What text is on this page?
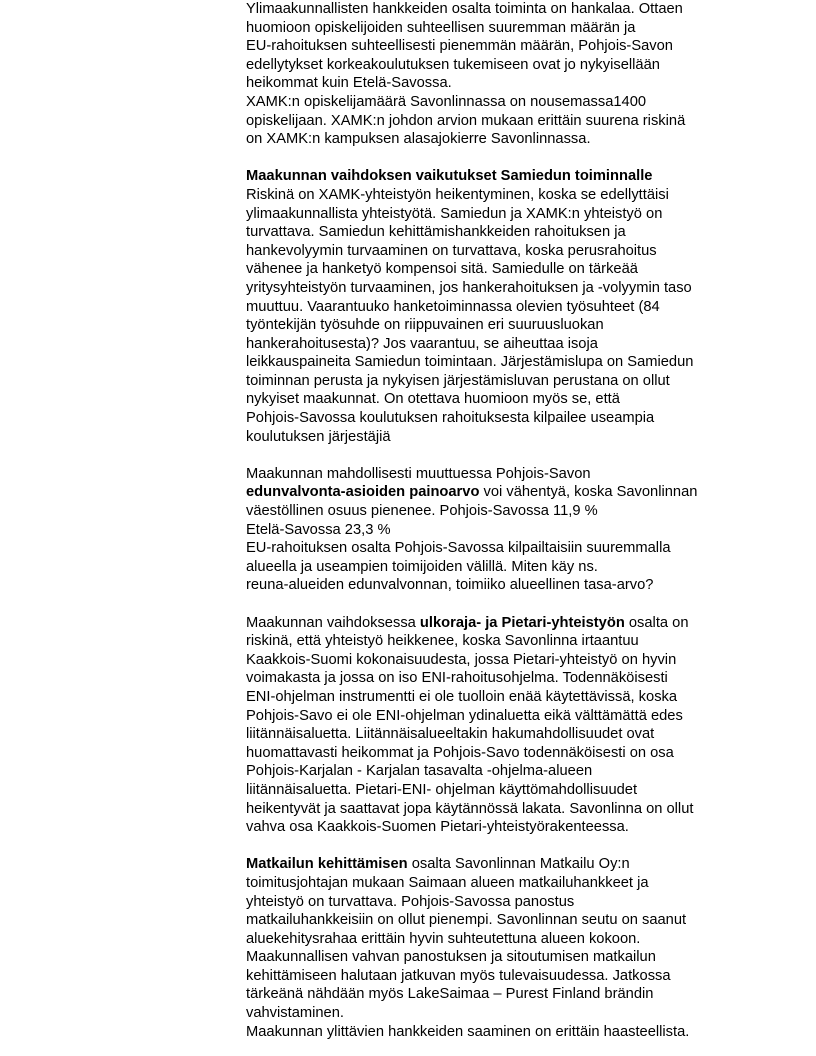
Ylimaakunnallisten hankkeiden osalta toiminta on hankalaa. Ottaen
huomioon opiskelijoiden suhteellisen suuremman määrän ja
EU-rahoituksen suhteellisesti pienemmän määrän, Pohjois-Savon
edellytykset korkeakoulutuksen tukemiseen ovat jo nykyisellään
heikommat kuin Etelä-Savossa.
XAMK:n opiskelijamäärä Savonlinnassa on nousemassa1400
opiskelijaan. XAMK:n johdon arvion mukaan erittäin suurena riskinä
on XAMK:n kampuksen alasajokierre Savonlinnassa.
Maakunnan vaihdoksen vaikutukset Samiedun toiminnalle
Riskinä on XAMK-yhteistyön heikentyminen, koska se edellyttäisi
ylimaakunnallista yhteistyötä. Samiedun ja XAMK:n yhteistyö on
turvattava. Samiedun kehittämishankkeiden rahoituksen ja
hankevolyymin turvaaminen on turvattava, koska perusrahoitus
vähenee ja hanketyö kompensoi sitä. Samiedulle on tärkeää
yritysyhteistyön turvaaminen, jos hankerahoituksen ja -volyymin taso
muuttuu. Vaarantuuko hanketoiminnassa olevien työsuhteet (84
työntekijän työsuhde on riippuvainen eri suuruusluokan
hankerahoitusesta)? Jos vaarantuu, se aiheuttaa isoja
leikkauspaineita Samiedun toimintaan. Järjestämislupa on Samiedun
toiminnan perusta ja nykyisen järjestämisluvan perustana on ollut
nykyiset maakunnat. On otettava huomioon myös se, että
Pohjois-Savossa koulutuksen rahoituksesta kilpailee useampia
koulutuksen järjestäjiä
Maakunnan mahdollisesti muuttuessa Pohjois-Savon
edunvalvonta-asioiden painoarvo voi vähentyä, koska Savonlinnan
väestöllinen osuus pienenee. Pohjois-Savossa 11,9 %
Etelä-Savossa 23,3 %
EU-rahoituksen osalta Pohjois-Savossa kilpailtaisiin suuremmalla
alueella ja useampien toimijoiden välillä. Miten käy ns.
reuna-alueiden edunvalvonnan, toimiiko alueellinen tasa-arvo?
Maakunnan vaihdoksessa ulkoraja- ja Pietari-yhteistyön osalta on
riskinä, että yhteistyö heikkenee, koska Savonlinna irtaantuu
Kaakkois-Suomi kokonaisuudesta, jossa Pietari-yhteistyö on hyvin
voimakasta ja jossa on iso ENI-rahoitusohjelma. Todennäköisesti
ENI-ohjelman instrumentti ei ole tuolloin enää käytettävissä, koska
Pohjois-Savo ei ole ENI-ohjelman ydinaluetta eikä välttämättä edes
liitännäisaluetta. Liitännäisalueeltakin hakumahdollisuudet ovat
huomattavasti heikommat ja Pohjois-Savo todennäköisesti on osa
Pohjois-Karjalan - Karjalan tasavalta -ohjelma-alueen
liitännäisaluetta. Pietari-ENI- ohjelman käyttömahdollisuudet
heikentyvät ja saattavat jopa käytännössä lakata. Savonlinna on ollut
vahva osa Kaakkois-Suomen Pietari-yhteistyörakenteessa.
Matkailun kehittämisen osalta Savonlinnan Matkailu Oy:n
toimitusjohtajan mukaan Saimaan alueen matkailuhankkeet ja
yhteistyö on turvattava. Pohjois-Savossa panostus
matkailuhankkeisiin on ollut pienempi. Savonlinnan seutu on saanut
aluekehitysrahaa erittäin hyvin suhteutettuna alueen kokoon.
Maakunnallisen vahvan panostuksen ja sitoutumisen matkailun
kehittämiseen halutaan jatkuvan myös tulevaisuudessa. Jatkossa
tärkeänä nähdään myös LakeSaimaa – Purest Finland brändin
vahvistaminen.
Maakunnan ylittävien hankkeiden saaminen on erittäin haasteellista.
